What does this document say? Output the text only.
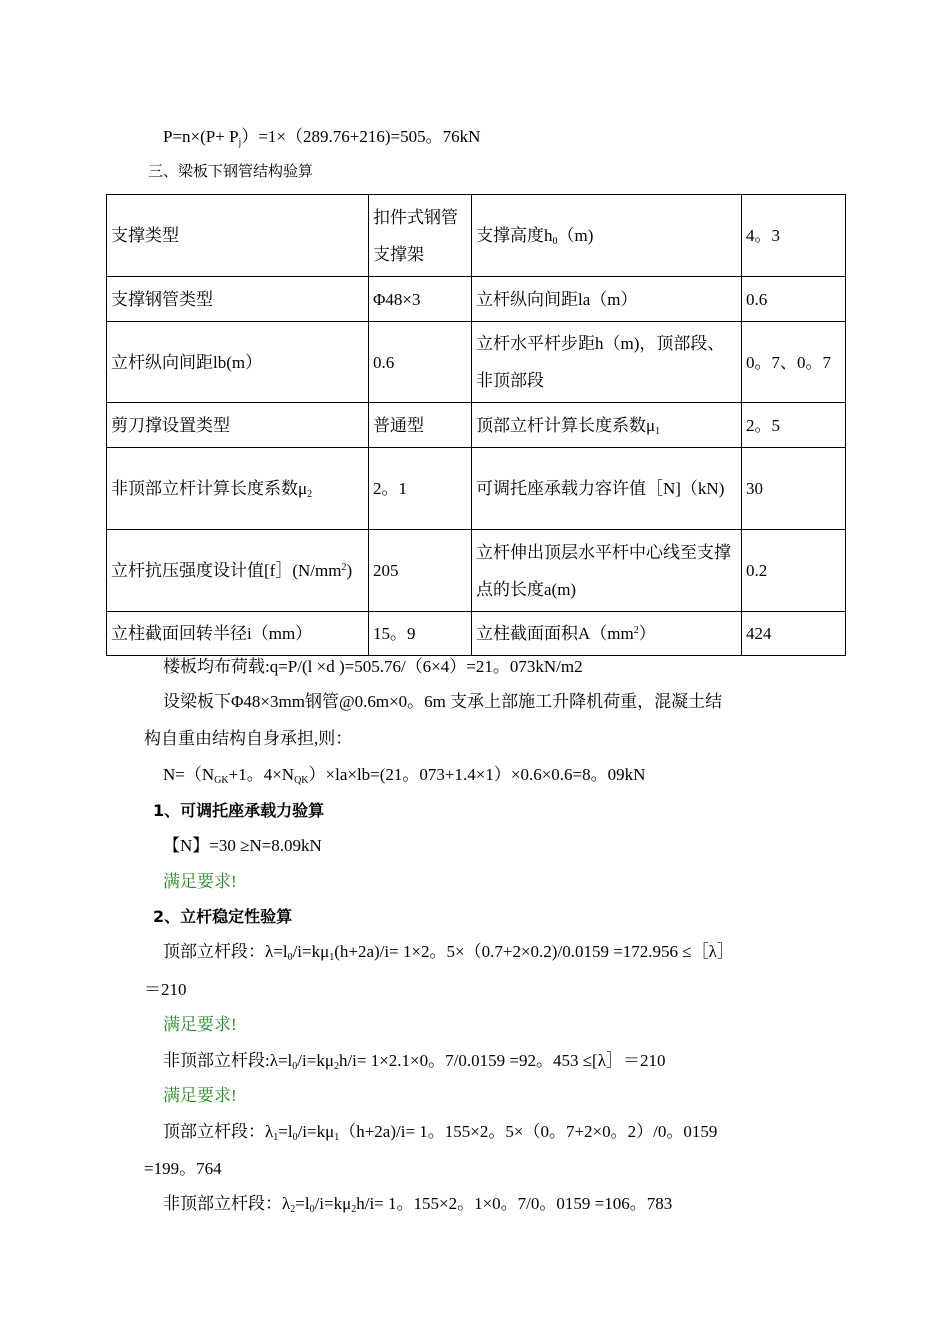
$P=n\times(P+ P_j)=1\times(289.76+216)=505$。76kN
三、梁板下钢管结构验算
支撑类型	扣件式钢管支撑架	支撑高度$h_0(m)$	4。3
支撑钢管类型	Φ48×3	立杆纵向间距la（m）	0.6
立杆纵向间距lb(m）	0.6	立杆水平杆步距h（m)，顶部段、非顶部段	0。7、0。7
剪刀撑设置类型	普通型	顶部立杆计算长度系数$\mu_1$	2。5
非顶部立杆计算长度系数$\mu_2$	2。1	可调托座承载力容许值［N]（kN)	30
立杆抗压强度设计值[$f](N/mm^2)$	205	立杆伸出顶层水平杆中心线至支撑点的长度a(m)	0.2
立柱截面回转半径i（mm）	15。9	立柱截面面积$A(mm^2)$	424
楼板均布荷载:q=P/(l ×d )=505.76/（6×4）=21。073kN/m2
设梁板下Φ48×3mm钢管@0.6m×0。6m 支承上部施工升降机荷重，混凝土结
构自重由结构自身承担,则：
$N=(N_{GK}+1$。$4\times N_{QK})\times la\times lb=(21$。073+1.4×1）×0.6×0.6=8。09kN
1、可调托座承载力验算
【N】=30 ≥N=8.09kN
满足要求!
2、立杆稳定性验算
顶部立杆段：$\lambda=l_0/i=k\mu_1(h+2a)/i= 1\times 2$。5×（0.7+2×0.2)/0.0159 =172.956 ≤［λ］
＝210
满足要求!
非顶部立杆段$:\lambda=l_0/i=k\mu_2h/i= 1\times 2.1\times 0$。7/0.0159 =92。453 ≤[λ］＝210
满足要求!
顶部立杆段：$\lambda_1=l_0/i=k\mu_1(h+2a)/i= 1$。155×2。5×（0。7+2×0。2）/0。0159
=199。764
非顶部立杆段：$\lambda_2=l_0/i=k\mu_2h/i= 1$。155×2。1×0。7/0。0159 =106。783
